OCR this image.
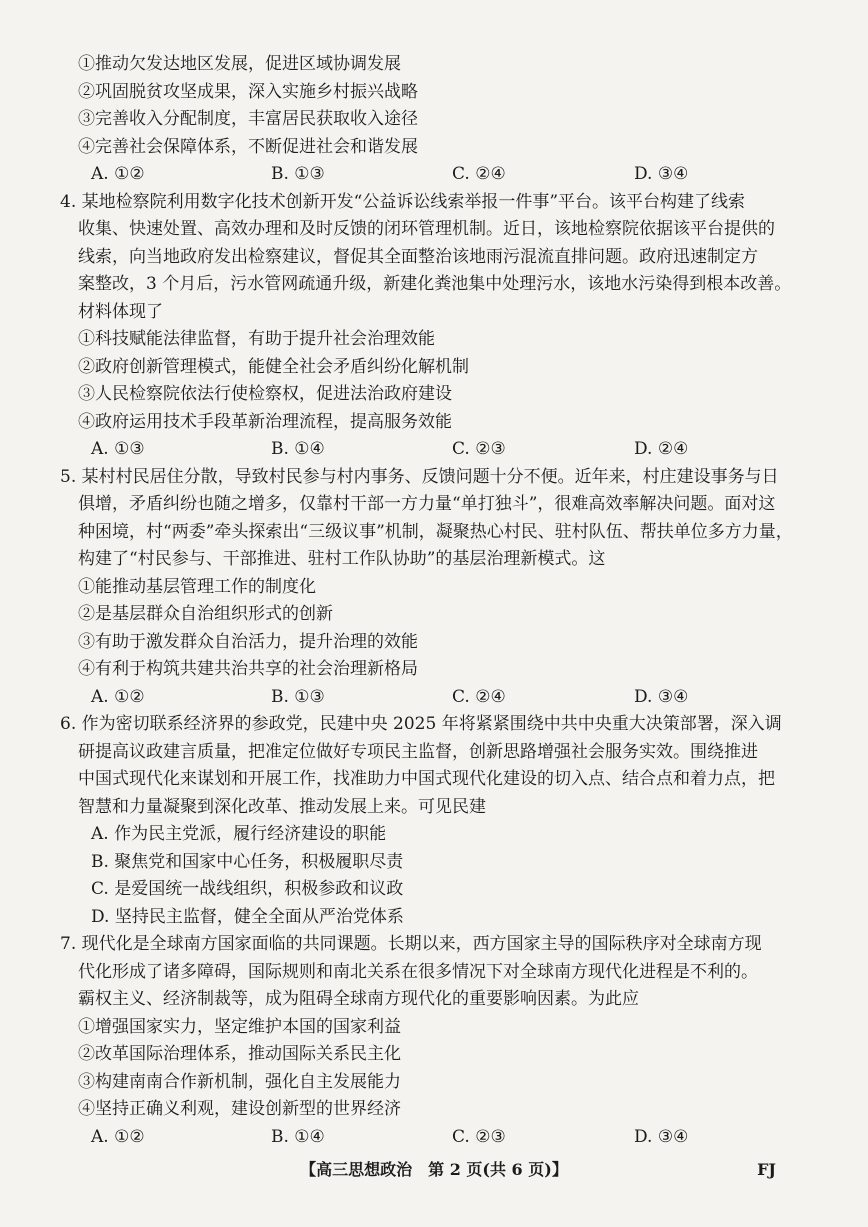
①推动欠发达地区发展，促进区域协调发展
②巩固脱贫攻坚成果，深入实施乡村振兴战略
③完善收入分配制度，丰富居民获取收入途径
④完善社会保障体系，不断促进社会和谐发展
A. ①②	B. ①③	C. ②④	D. ③④
4. 某地检察院利用数字化技术创新开发“公益诉讼线索举报一件事”平台。该平台构建了线索
收集、快速处置、高效办理和及时反馈的闭环管理机制。近日，该地检察院依据该平台提供的
线索，向当地政府发出检察建议，督促其全面整治该地雨污混流直排问题。政府迅速制定方
案整改，3 个月后，污水管网疏通升级，新建化粪池集中处理污水，该地水污染得到根本改善。
材料体现了
①科技赋能法律监督，有助于提升社会治理效能
②政府创新管理模式，能健全社会矛盾纠纷化解机制
③人民检察院依法行使检察权，促进法治政府建设
④政府运用技术手段革新治理流程，提高服务效能
A. ①③	B. ①④	C. ②③	D. ②④
5. 某村村民居住分散，导致村民参与村内事务、反馈问题十分不便。近年来，村庄建设事务与日
俱增，矛盾纠纷也随之增多，仅靠村干部一方力量“单打独斗”，很难高效率解决问题。面对这
种困境，村“两委”牵头探索出“三级议事”机制，凝聚热心村民、驻村队伍、帮扶单位多方力量，
构建了“村民参与、干部推进、驻村工作队协助”的基层治理新模式。这
①能推动基层管理工作的制度化
②是基层群众自治组织形式的创新
③有助于激发群众自治活力，提升治理的效能
④有利于构筑共建共治共享的社会治理新格局
A. ①②	B. ①③	C. ②④	D. ③④
6. 作为密切联系经济界的参政党，民建中央 2025 年将紧紧围绕中共中央重大决策部署，深入调
研提高议政建言质量，把准定位做好专项民主监督，创新思路增强社会服务实效。围绕推进
中国式现代化来谋划和开展工作，找准助力中国式现代化建设的切入点、结合点和着力点，把
智慧和力量凝聚到深化改革、推动发展上来。可见民建
A. 作为民主党派，履行经济建设的职能
B. 聚焦党和国家中心任务，积极履职尽责
C. 是爱国统一战线组织，积极参政和议政
D. 坚持民主监督，健全全面从严治党体系
7. 现代化是全球南方国家面临的共同课题。长期以来，西方国家主导的国际秩序对全球南方现
代化形成了诸多障碍，国际规则和南北关系在很多情况下对全球南方现代化进程是不利的。
霸权主义、经济制裁等，成为阻碍全球南方现代化的重要影响因素。为此应
①增强国家实力，坚定维护本国的国家利益
②改革国际治理体系，推动国际关系民主化
③构建南南合作新机制，强化自主发展能力
④坚持正确义利观，建设创新型的世界经济
A. ①②	B. ①④	C. ②③	D. ③④
【高三思想政治　第 2 页(共 6 页)】	FJ
